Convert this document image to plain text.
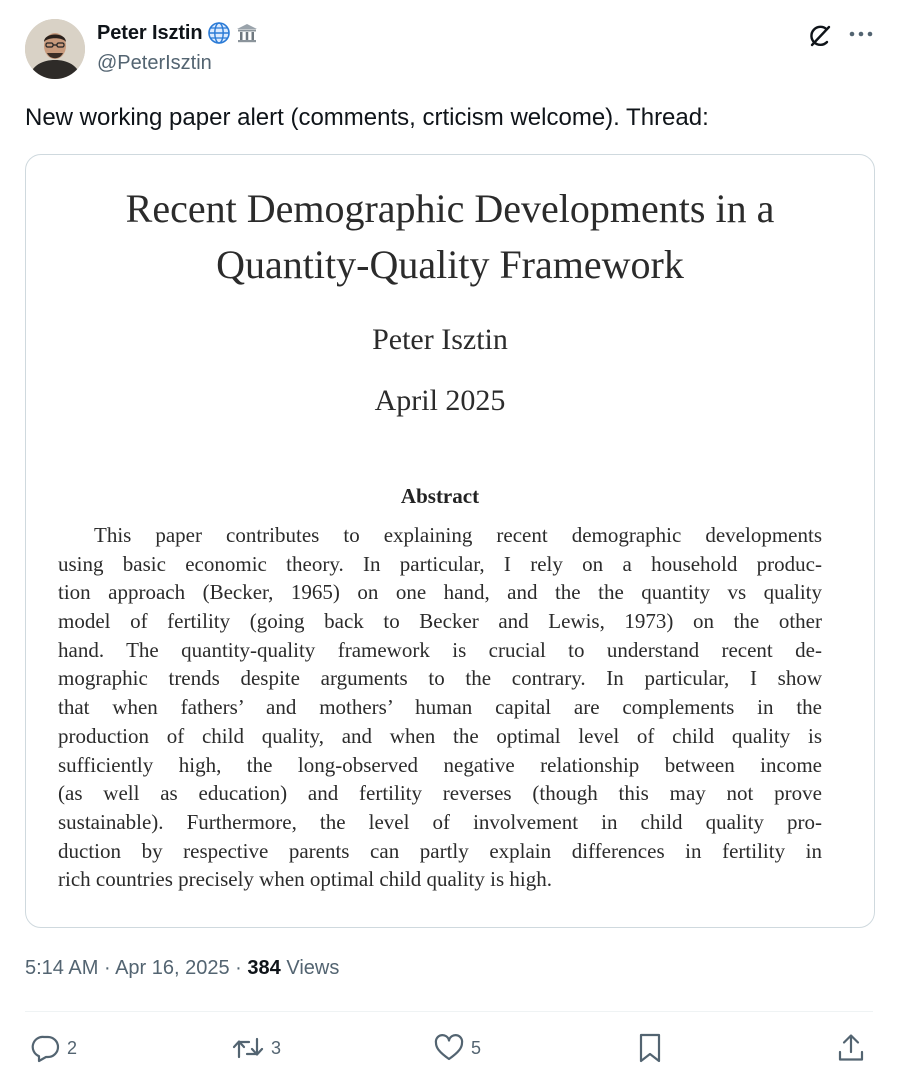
Peter Isztin
@PeterIsztin
New working paper alert (comments, crticism welcome). Thread:
Recent Demographic Developments in a
Quantity-Quality Framework
Peter Isztin
April 2025
Abstract
This paper contributes to explaining recent demographic developments
using basic economic theory. In particular, I rely on a household produc-
tion approach (Becker, 1965) on one hand, and the the quantity vs quality
model of fertility (going back to Becker and Lewis, 1973) on the other
hand. The quantity-quality framework is crucial to understand recent de-
mographic trends despite arguments to the contrary. In particular, I show
that when fathers’ and mothers’ human capital are complements in the
production of child quality, and when the optimal level of child quality is
sufficiently high, the long-observed negative relationship between income
(as well as education) and fertility reverses (though this may not prove
sustainable). Furthermore, the level of involvement in child quality pro-
duction by respective parents can partly explain differences in fertility in
rich countries precisely when optimal child quality is high.
5:14 AM · Apr 16, 2025 · 384 Views
2	3	5
